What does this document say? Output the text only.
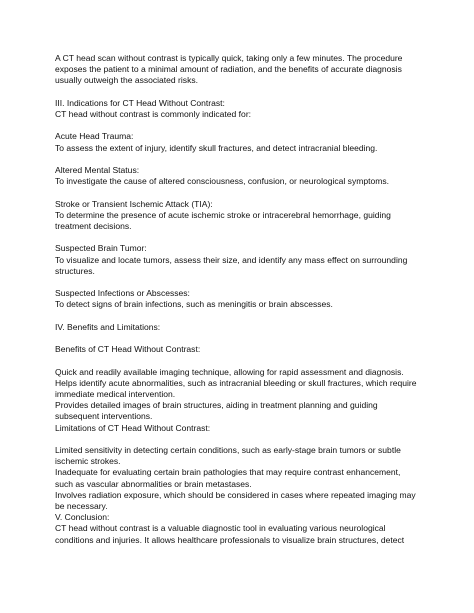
A CT head scan without contrast is typically quick, taking only a few minutes. The procedure
exposes the patient to a minimal amount of radiation, and the benefits of accurate diagnosis
usually outweigh the associated risks.

III. Indications for CT Head Without Contrast:
CT head without contrast is commonly indicated for:

Acute Head Trauma:
To assess the extent of injury, identify skull fractures, and detect intracranial bleeding.

Altered Mental Status:
To investigate the cause of altered consciousness, confusion, or neurological symptoms.

Stroke or Transient Ischemic Attack (TIA):
To determine the presence of acute ischemic stroke or intracerebral hemorrhage, guiding
treatment decisions.

Suspected Brain Tumor:
To visualize and locate tumors, assess their size, and identify any mass effect on surrounding
structures.

Suspected Infections or Abscesses:
To detect signs of brain infections, such as meningitis or brain abscesses.

IV. Benefits and Limitations:

Benefits of CT Head Without Contrast:

Quick and readily available imaging technique, allowing for rapid assessment and diagnosis.
Helps identify acute abnormalities, such as intracranial bleeding or skull fractures, which require
immediate medical intervention.
Provides detailed images of brain structures, aiding in treatment planning and guiding
subsequent interventions.
Limitations of CT Head Without Contrast:

Limited sensitivity in detecting certain conditions, such as early-stage brain tumors or subtle
ischemic strokes.
Inadequate for evaluating certain brain pathologies that may require contrast enhancement,
such as vascular abnormalities or brain metastases.
Involves radiation exposure, which should be considered in cases where repeated imaging may
be necessary.
V. Conclusion:
CT head without contrast is a valuable diagnostic tool in evaluating various neurological
conditions and injuries. It allows healthcare professionals to visualize brain structures, detect
